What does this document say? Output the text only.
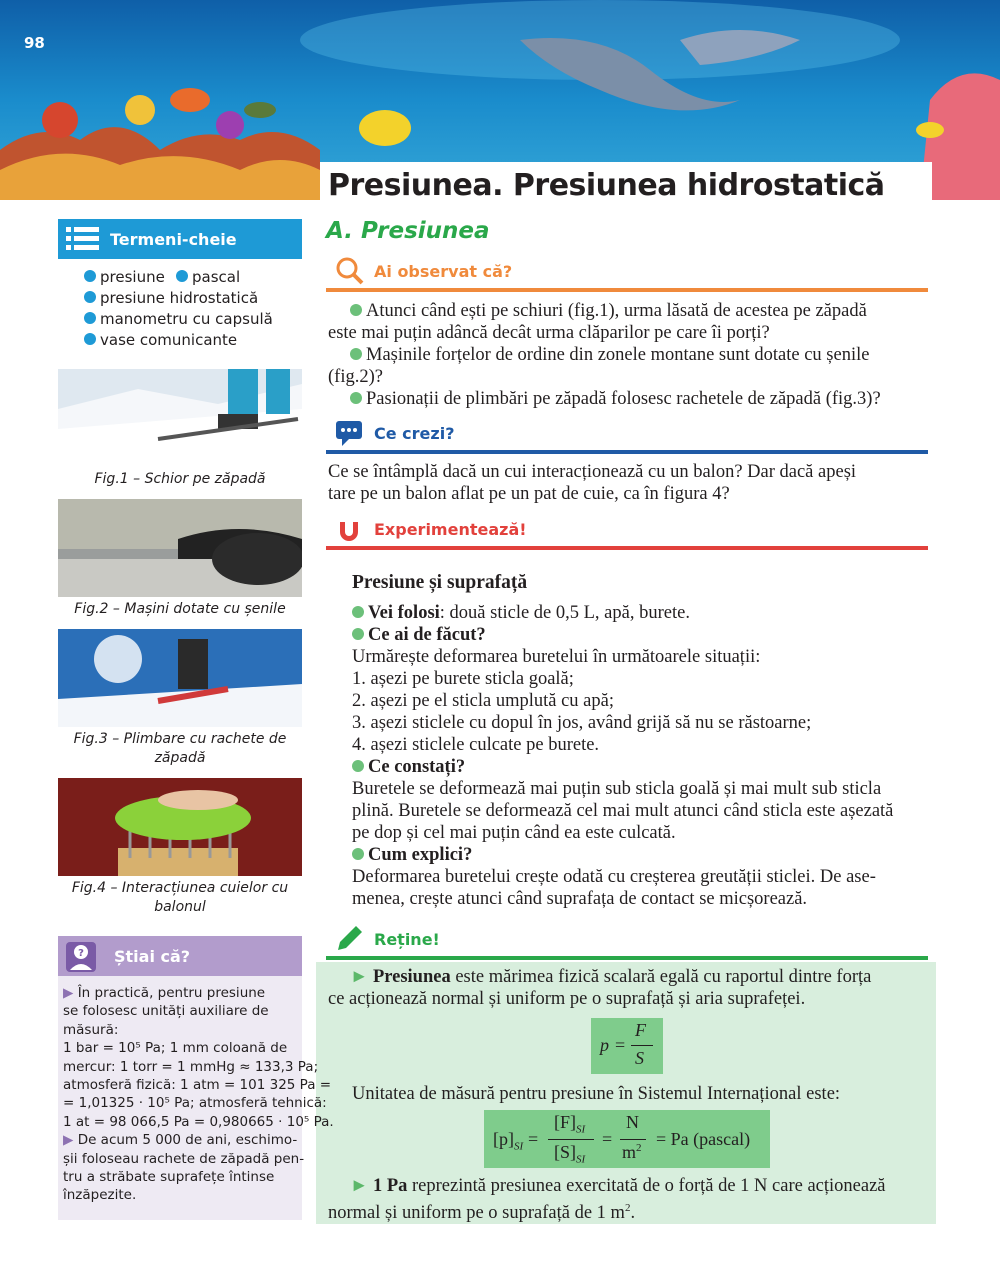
98
Presiunea. Presiunea hidrostatică
A. Presiunea
Ai observat că?
Atunci când ești pe schiuri (fig.1), urma lăsată de acestea pe zăpadă
este mai puțin adâncă decât urma clăparilor pe care îi porți?
Mașinile forțelor de ordine din zonele montane sunt dotate cu șenile
(fig.2)?
Pasionații de plimbări pe zăpadă folosesc rachetele de zăpadă (fig.3)?
Ce crezi?
Ce se întâmplă dacă un cui interacționează cu un balon? Dar dacă apeși
tare pe un balon aflat pe un pat de cuie, ca în figura 4?
Experimentează!
Presiune și suprafață
Vei folosi: două sticle de 0,5 L, apă, burete.
Ce ai de făcut?
Urmărește deformarea buretelui în următoarele situații:
1. așezi pe burete sticla goală;
2. așezi pe el sticla umplută cu apă;
3. așezi sticlele cu dopul în jos, având grijă să nu se răstoarne;
4. așezi sticlele culcate pe burete.
Ce constați?
Buretele se deformează mai puțin sub sticla goală și mai mult sub sticla
plină. Buretele se deformează cel mai mult atunci când sticla este așezată
pe dop și cel mai puțin când ea este culcată.
Cum explici?
Deformarea buretelui crește odată cu creșterea greutății sticlei. De ase-
menea, crește atunci când suprafața de contact se micșorează.
Reține!
► Presiunea este mărimea fizică scalară egală cu raportul dintre forța
ce acționează normal și uniform pe o suprafață și aria suprafeței.
p =
F
S
Unitatea de măsură pentru presiune în Sistemul Internațional este:
$[p]_{SI}$ =
$[F]_{SI}$
$[S]_{SI}$
=
N
$m^2 = Pa$ (pascal)
► 1 Pa reprezintă presiunea exercitată de o forță de 1 N care acționează
normal și uniform pe o suprafață de 1 $m^2$.
Termeni-cheie
presiune	pascal
presiune hidrostatică
manometru cu capsulă
vase comunicante
Fig.1 – Schior pe zăpadă
Fig.2 – Mașini dotate cu șenile
Fig.3 – Plimbare cu rachete de zăpadă
Fig.4 – Interacțiunea cuielor cu balonul
? Știai că?
▶ În practică, pentru presiune
se folosesc unități auxiliare de
măsură:
1 bar = 10⁵ Pa; 1 mm coloană de
mercur: 1 torr = 1 mmHg ≈ 133,3 Pa;
atmosferă fizică: 1 atm = 101 325 Pa =
= 1,01325 · 10⁵ Pa; atmosferă tehnică:
1 at = 98 066,5 Pa = 0,980665 · 10⁵ Pa.
▶ De acum 5 000 de ani, eschimo-
șii foloseau rachete de zăpadă pen-
tru a străbate suprafețe întinse
înzăpezite.
